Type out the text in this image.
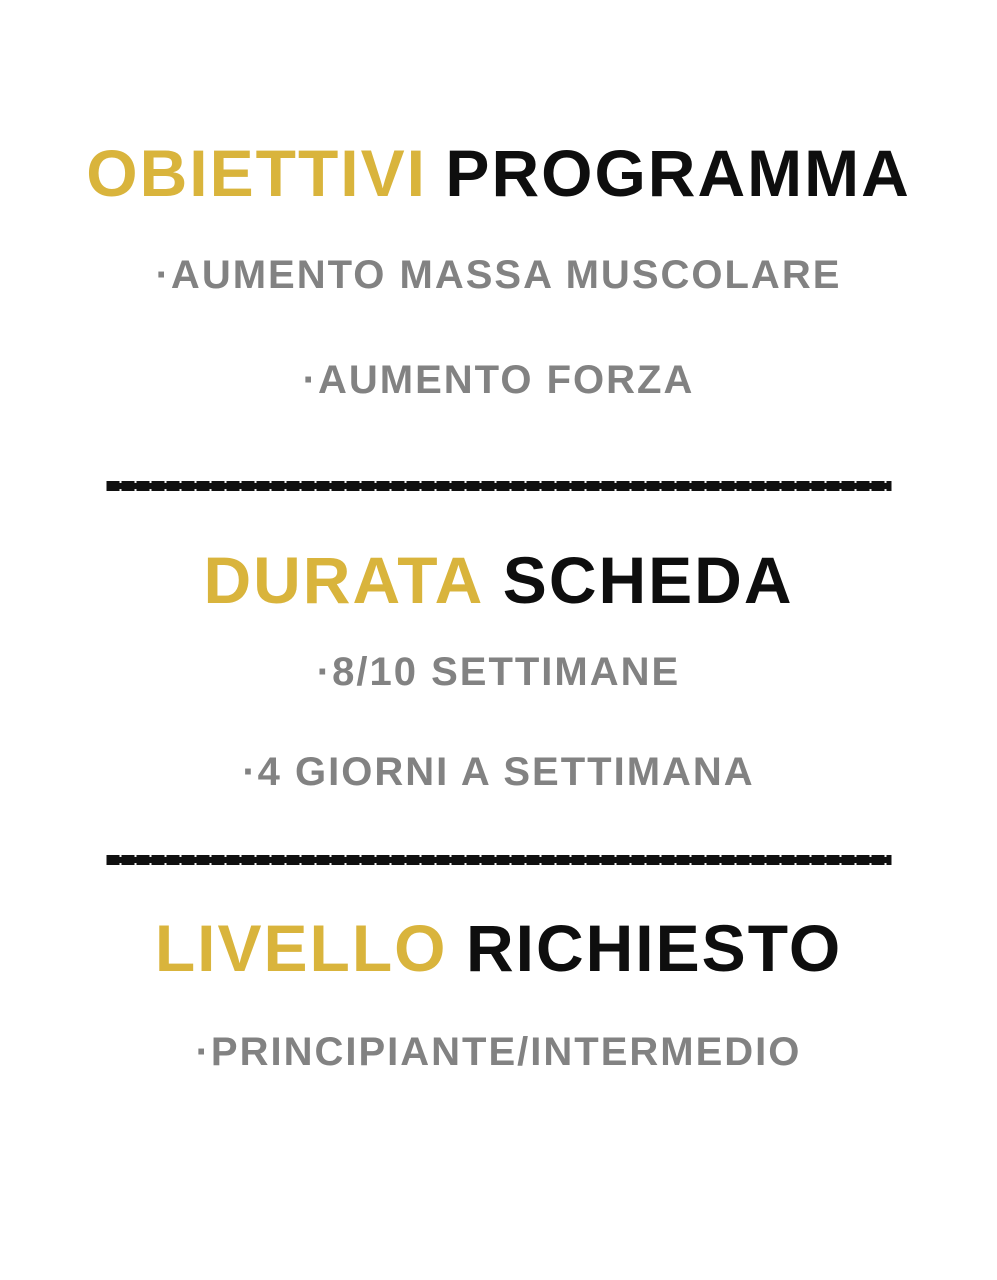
OBIETTIVI PROGRAMMA

·AUMENTO MASSA MUSCOLARE

·AUMENTO FORZA

DURATA SCHEDA

·8/10 SETTIMANE

·4 GIORNI A SETTIMANA

LIVELLO RICHIESTO

·PRINCIPIANTE/INTERMEDIO
